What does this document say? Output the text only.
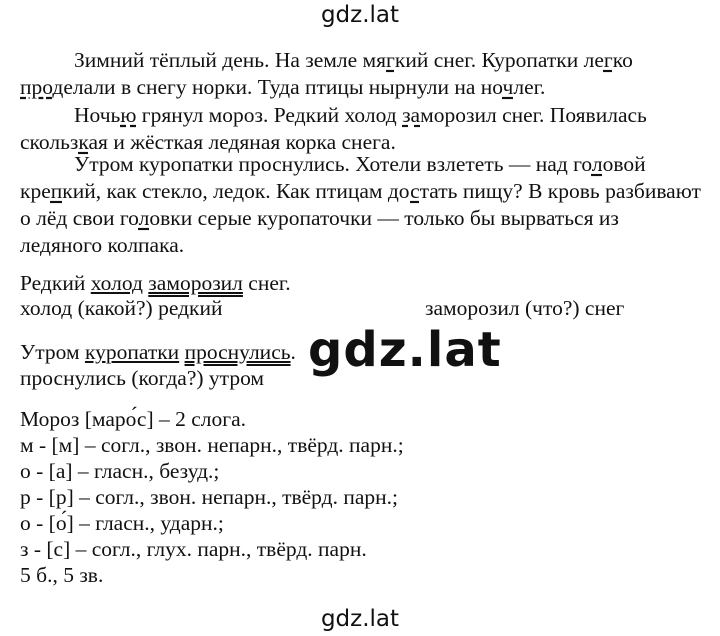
gdz.lat
Зимний тёплый день. На земле мягкий снег. Куропатки легко проделали в снегу норки. Туда птицы нырнули на ночлег.
Ночью грянул мороз. Редкий холод заморозил снег. Появилась скользкая и жёсткая ледяная корка снега.
Утром куропатки проснулись. Хотели взлететь — над головой крепкий, как стекло, ледок. Как птицам достать пищу? В кровь разбивают о лёд свои головки серые куропаточки — только бы вырваться из ледяного колпака.
Редкий холод заморозил снег.
холод (какой?) редкий	заморозил (что?) снег
gdz.lat
Утром куропатки проснулись.
проснулись (когда?) утром
Мороз [маро́с] – 2 слога.
м - [м] – согл., звон. непарн., твёрд. парн.;
о - [а] – гласн., безуд.;
р - [р] – согл., звон. непарн., твёрд. парн.;
о - [о́] – гласн., ударн.;
з - [с] – согл., глух. парн., твёрд. парн.
5 б., 5 зв.
gdz.lat
